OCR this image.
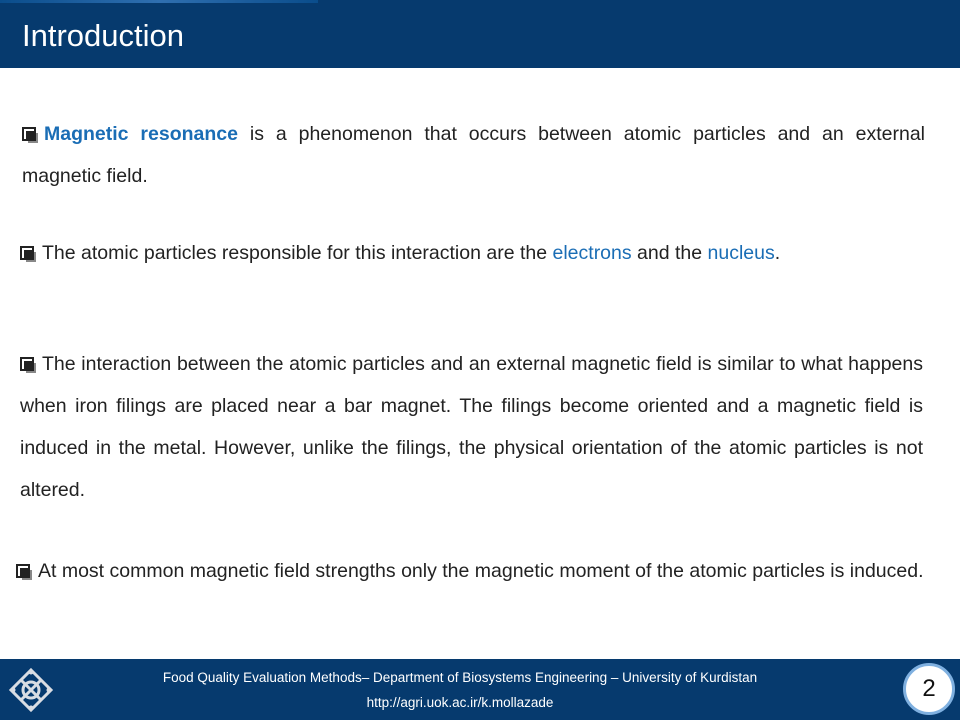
Introduction
Magnetic resonance is a phenomenon that occurs between atomic particles and an external magnetic field.
The atomic particles responsible for this interaction are the electrons and the nucleus.
The interaction between the atomic particles and an external magnetic field is similar to what happens when iron filings are placed near a bar magnet. The filings become oriented and a magnetic field is induced in the metal. However, unlike the filings, the physical orientation of the atomic particles is not altered.
At most common magnetic field strengths only the magnetic moment of the atomic particles is induced.
Food Quality Evaluation Methods– Department of Biosystems Engineering – University of Kurdistan
http://agri.uok.ac.ir/k.mollazade
2
